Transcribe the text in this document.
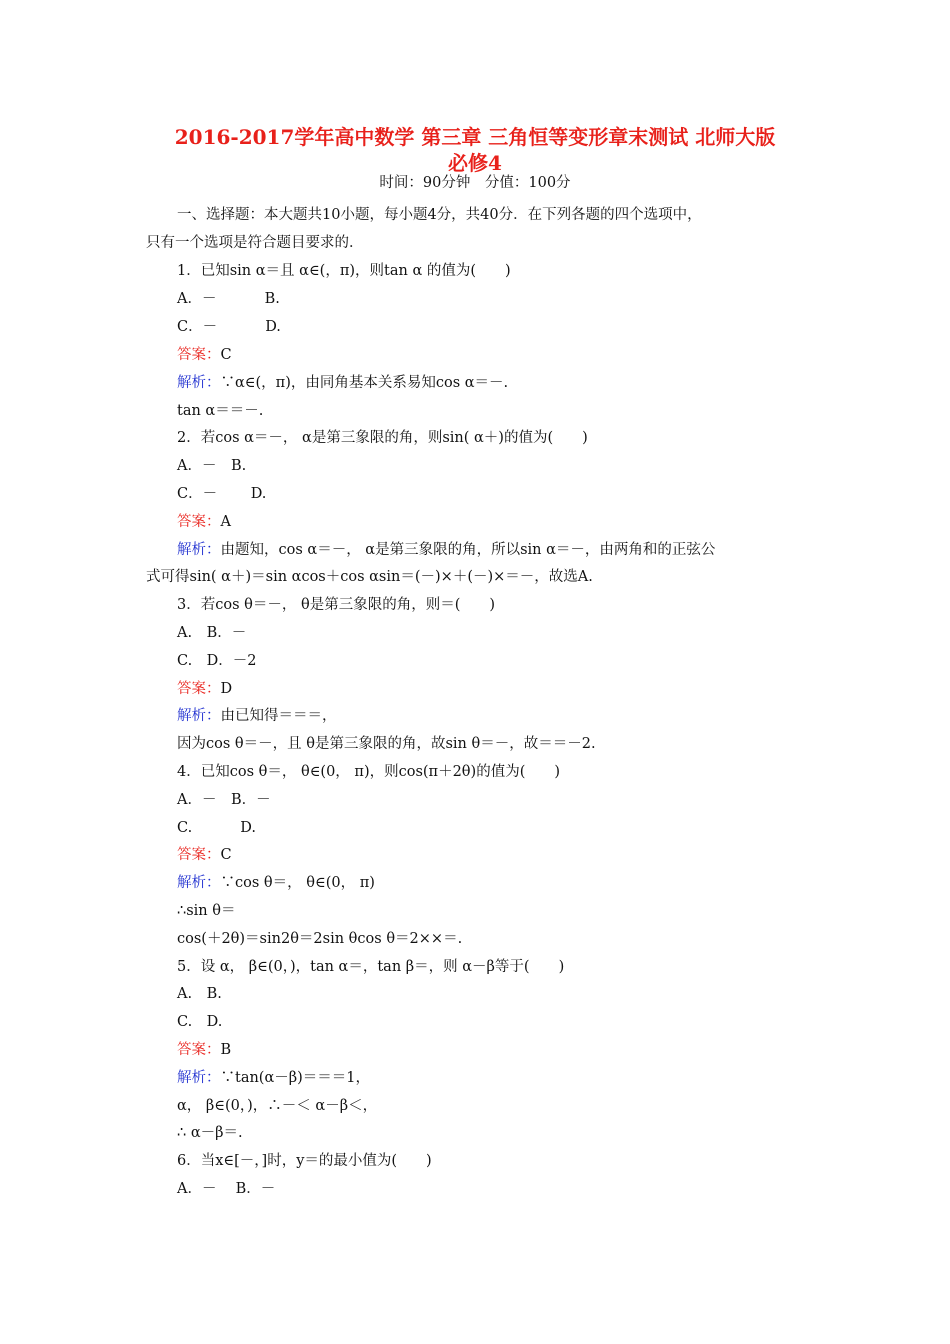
2016-2017学年高中数学 第三章 三角恒等变形章末测试 北师大版
必修4
时间：90分钟　分值：100分
一、选择题：本大题共10小题，每小题4分，共40分．在下列各题的四个选项中，
只有一个选项是符合题目要求的．
1．已知sin α＝且 α∈(，π)，则tan α 的值为(　　)
A．－　　　 B.
C．－　　　 D.
答案：C
解析：∵α∈(，π)，由同角基本关系易知cos α＝－.
tan α＝＝－.
2．若cos α＝－， α是第三象限的角，则sin( α＋)的值为(　　)
A．－　B.
C．－　　 D.
答案：A
解析：由题知，cos α＝－， α是第三象限的角，所以sin α＝－，由两角和的正弦公
式可得sin( α＋)＝sin αcos＋cos αsin＝(－)×＋(－)×＝－，故选A.
3．若cos θ＝－， θ是第三象限的角，则＝(　　)
A.　B．－
C.　D．－2
答案：D
解析：由已知得＝＝＝，
因为cos θ＝－，且 θ是第三象限的角，故sin θ＝－，故＝＝－2.
4．已知cos θ＝， θ∈(0， π)，则cos(π＋2θ)的值为(　　)
A．－　B．－
C.　　　 D.
答案：C
解析：∵cos θ＝， θ∈(0， π)
∴sin θ＝
cos(＋2θ)＝sin2θ＝2sin θcos θ＝2××＝.
5．设 α， β∈(0，)，tan α＝，tan β＝，则 α－β等于(　　)
A.　B.
C.　D.
答案：B
解析：∵tan(α－β)＝＝＝1，
α， β∈(0，)，∴－＜ α－β＜，
∴ α－β＝.
6．当x∈[－，]时，y＝的最小值为(　　)
A．－　 B．－
